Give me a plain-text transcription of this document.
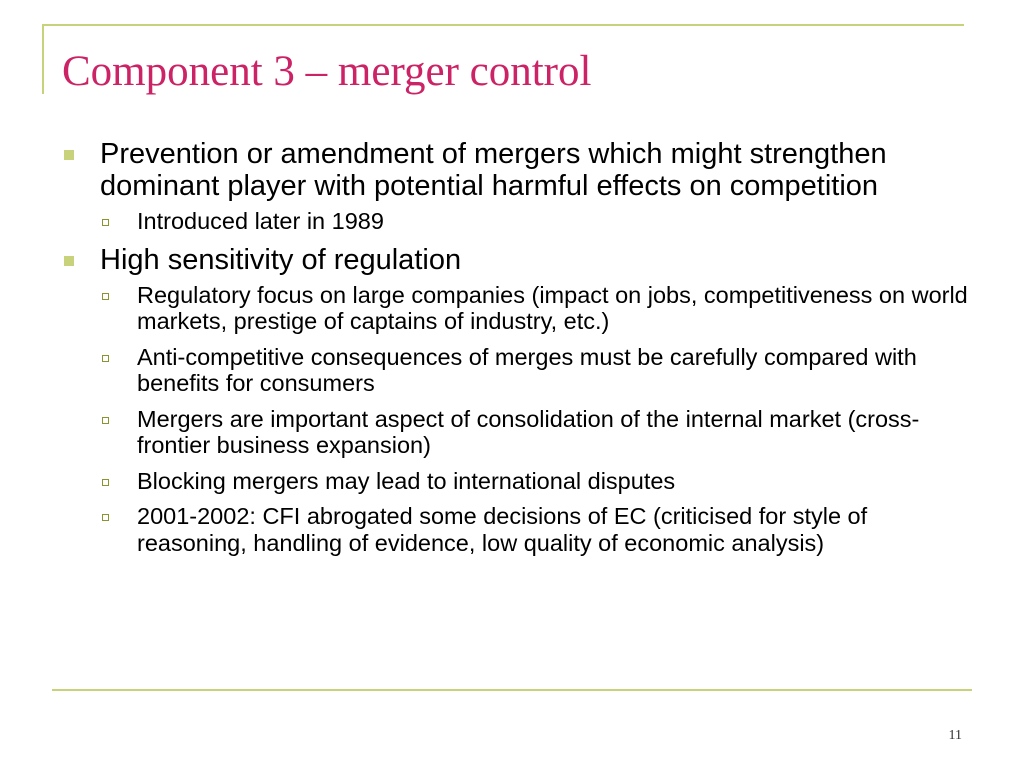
Component 3 – merger control
Prevention or amendment of mergers which might strengthen dominant player with potential harmful effects on competition
Introduced later in 1989
High sensitivity of regulation
Regulatory focus on large companies (impact on jobs, competitiveness on world markets, prestige of captains of industry, etc.)
Anti-competitive consequences of merges must be carefully compared with benefits for consumers
Mergers are important aspect of consolidation of the internal market (cross-frontier business expansion)
Blocking mergers may lead to international disputes
2001-2002: CFI abrogated some decisions of EC (criticised for style of reasoning, handling of evidence, low quality of economic analysis)
11
